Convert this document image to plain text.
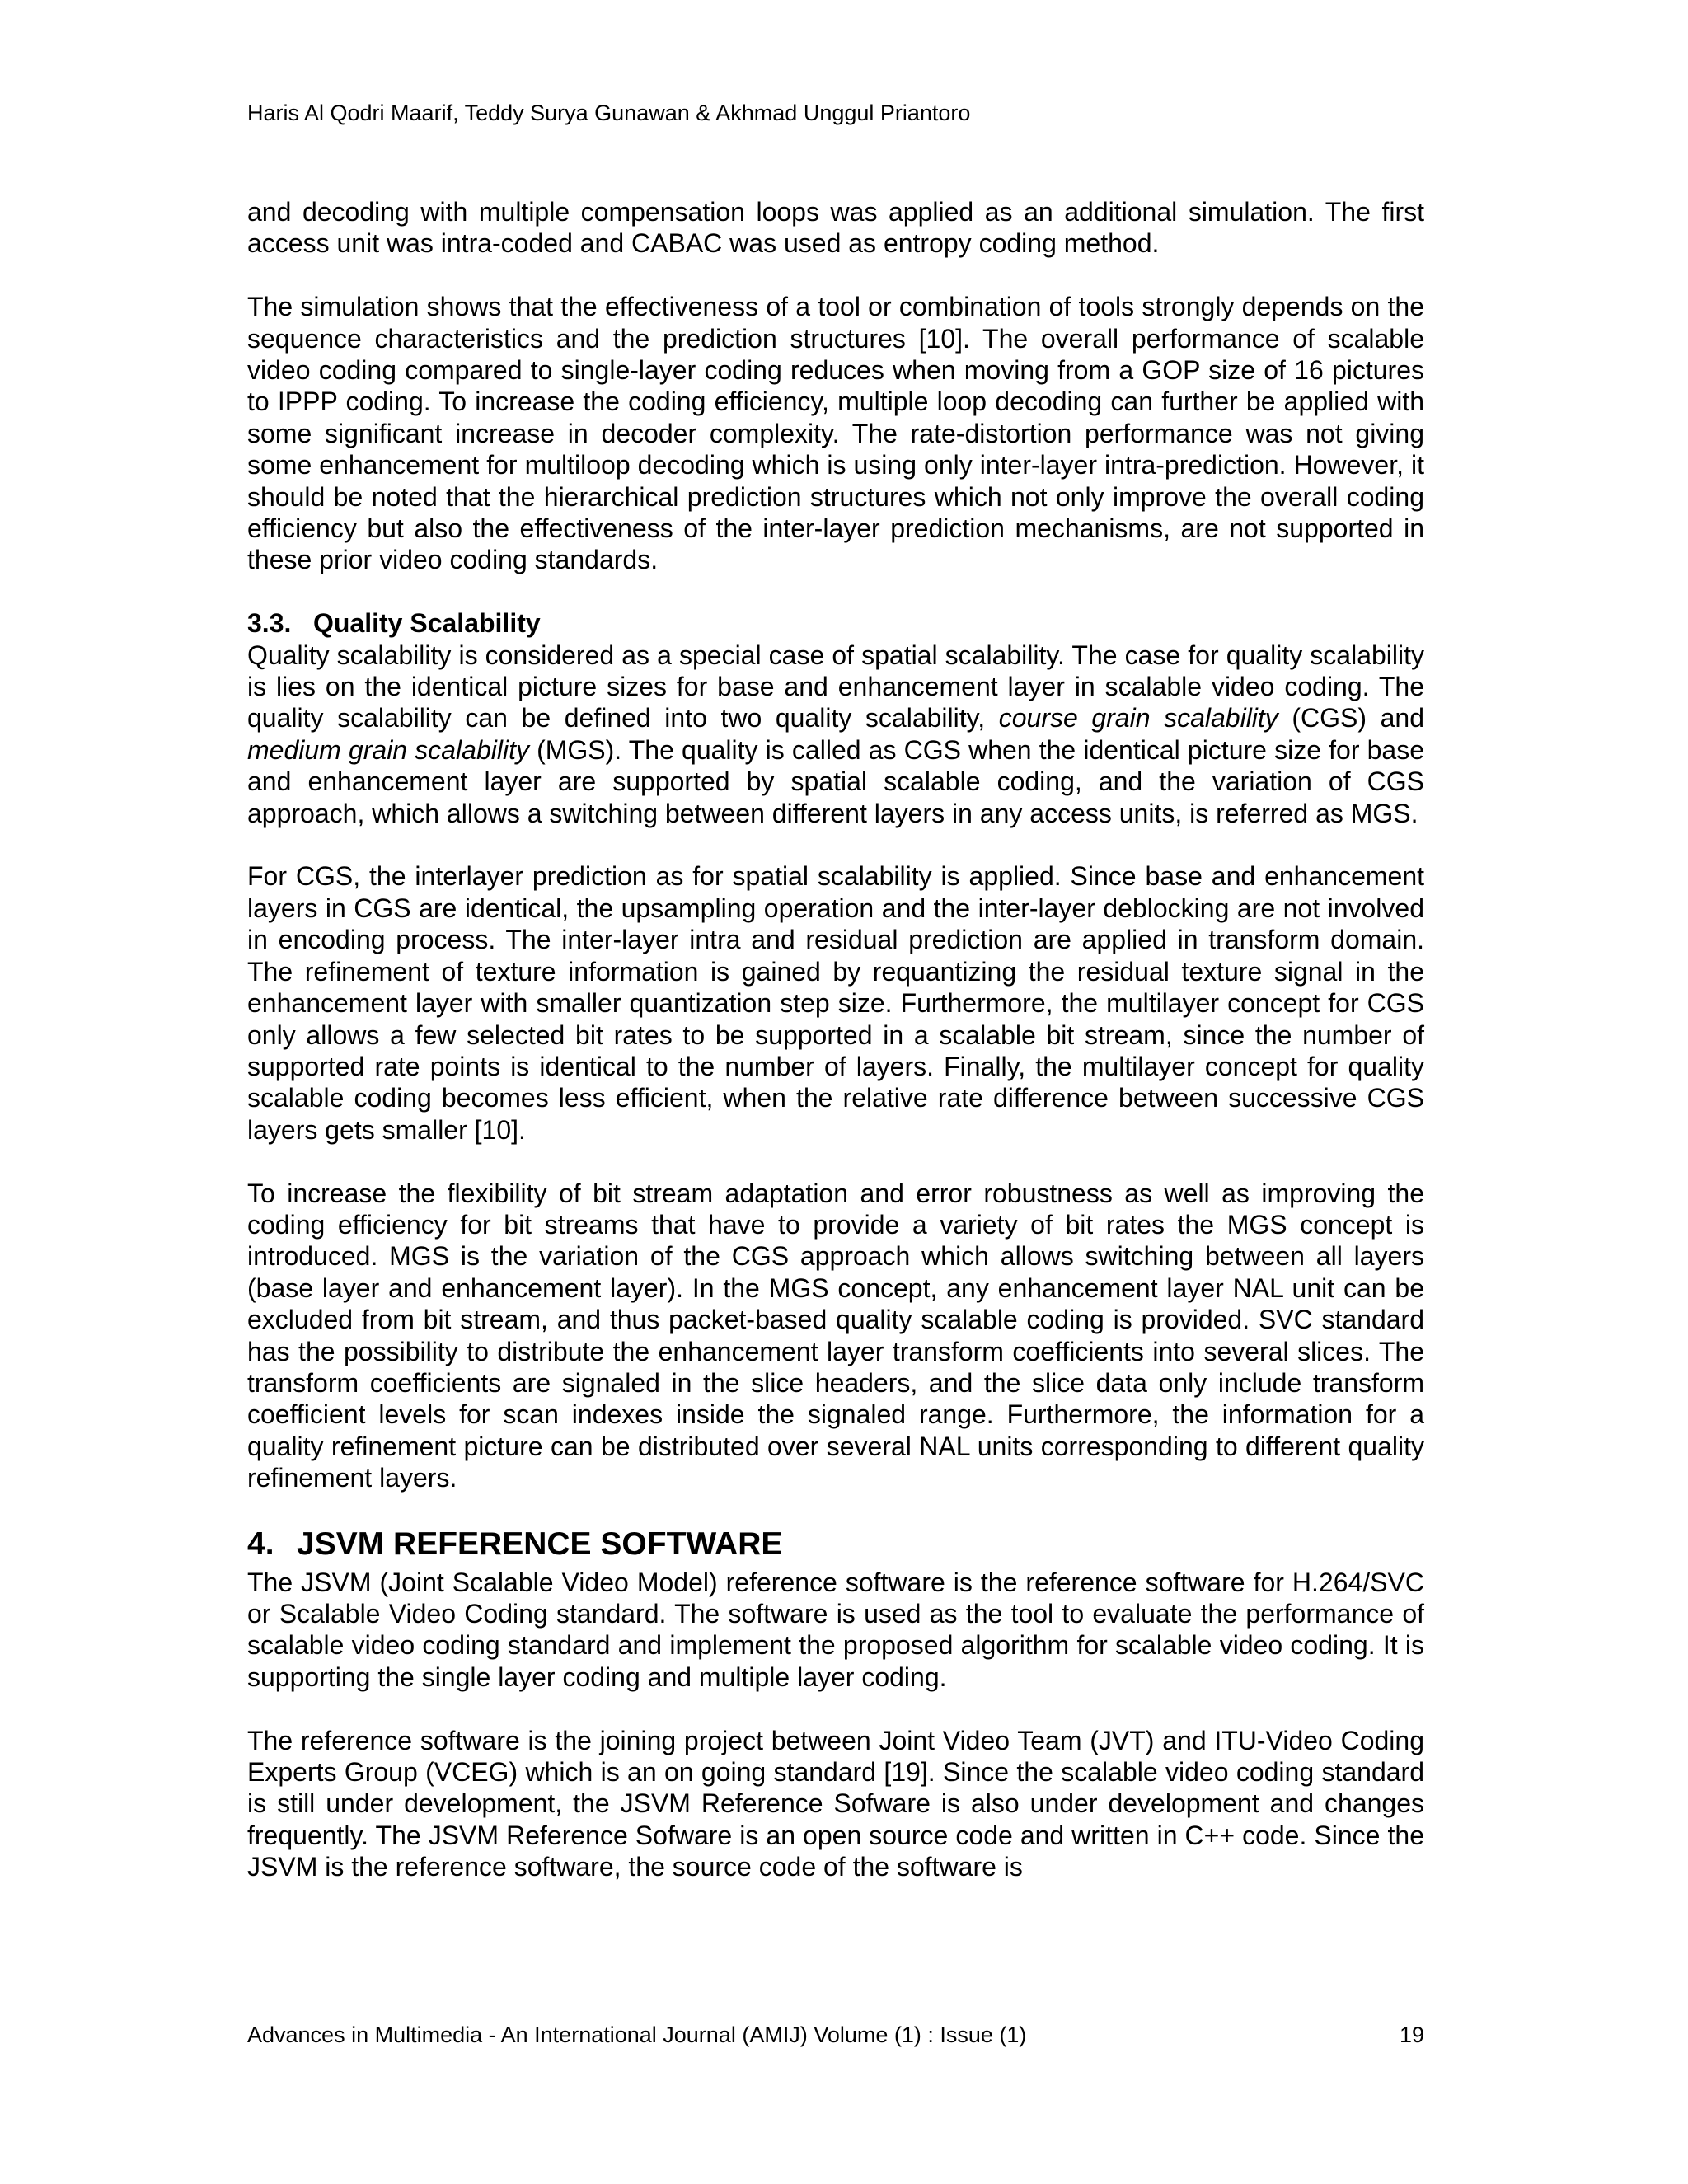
Haris Al Qodri Maarif, Teddy Surya Gunawan & Akhmad Unggul Priantoro

and decoding with multiple compensation loops was applied as an additional simulation. The first access unit was intra-coded and CABAC was used as entropy coding method.

The simulation shows that the effectiveness of a tool or combination of tools strongly depends on the sequence characteristics and the prediction structures [10]. The overall performance of scalable video coding compared to single-layer coding reduces when moving from a GOP size of 16 pictures to IPPP coding. To increase the coding efficiency, multiple loop decoding can further be applied with some significant increase in decoder complexity. The rate-distortion performance was not giving some enhancement for multiloop decoding which is using only inter-layer intra-prediction. However, it should be noted that the hierarchical prediction structures which not only improve the overall coding efficiency but also the effectiveness of the inter-layer prediction mechanisms, are not supported in these prior video coding standards.

3.3. Quality Scalability

Quality scalability is considered as a special case of spatial scalability. The case for quality scalability is lies on the identical picture sizes for base and enhancement layer in scalable video coding. The quality scalability can be defined into two quality scalability, course grain scalability (CGS) and medium grain scalability (MGS). The quality is called as CGS when the identical picture size for base and enhancement layer are supported by spatial scalable coding, and the variation of CGS approach, which allows a switching between different layers in any access units, is referred as MGS.

For CGS, the interlayer prediction as for spatial scalability is applied. Since base and enhancement layers in CGS are identical, the upsampling operation and the inter-layer deblocking are not involved in encoding process. The inter-layer intra and residual prediction are applied in transform domain. The refinement of texture information is gained by requantizing the residual texture signal in the enhancement layer with smaller quantization step size. Furthermore, the multilayer concept for CGS only allows a few selected bit rates to be supported in a scalable bit stream, since the number of supported rate points is identical to the number of layers. Finally, the multilayer concept for quality scalable coding becomes less efficient, when the relative rate difference between successive CGS layers gets smaller [10].

To increase the flexibility of bit stream adaptation and error robustness as well as improving the coding efficiency for bit streams that have to provide a variety of bit rates the MGS concept is introduced. MGS is the variation of the CGS approach which allows switching between all layers (base layer and enhancement layer). In the MGS concept, any enhancement layer NAL unit can be excluded from bit stream, and thus packet-based quality scalable coding is provided. SVC standard has the possibility to distribute the enhancement layer transform coefficients into several slices. The transform coefficients are signaled in the slice headers, and the slice data only include transform coefficient levels for scan indexes inside the signaled range. Furthermore, the information for a quality refinement picture can be distributed over several NAL units corresponding to different quality refinement layers.

4. JSVM REFERENCE SOFTWARE

The JSVM (Joint Scalable Video Model) reference software is the reference software for H.264/SVC or Scalable Video Coding standard. The software is used as the tool to evaluate the performance of scalable video coding standard and implement the proposed algorithm for scalable video coding. It is supporting the single layer coding and multiple layer coding.

The reference software is the joining project between Joint Video Team (JVT) and ITU-Video Coding Experts Group (VCEG) which is an on going standard [19]. Since the scalable video coding standard is still under development, the JSVM Reference Sofware is also under development and changes frequently. The JSVM Reference Sofware is an open source code and written in C++ code. Since the JSVM is the reference software, the source code of the software is

Advances in Multimedia - An International Journal (AMIJ) Volume (1) : Issue (1)	19
